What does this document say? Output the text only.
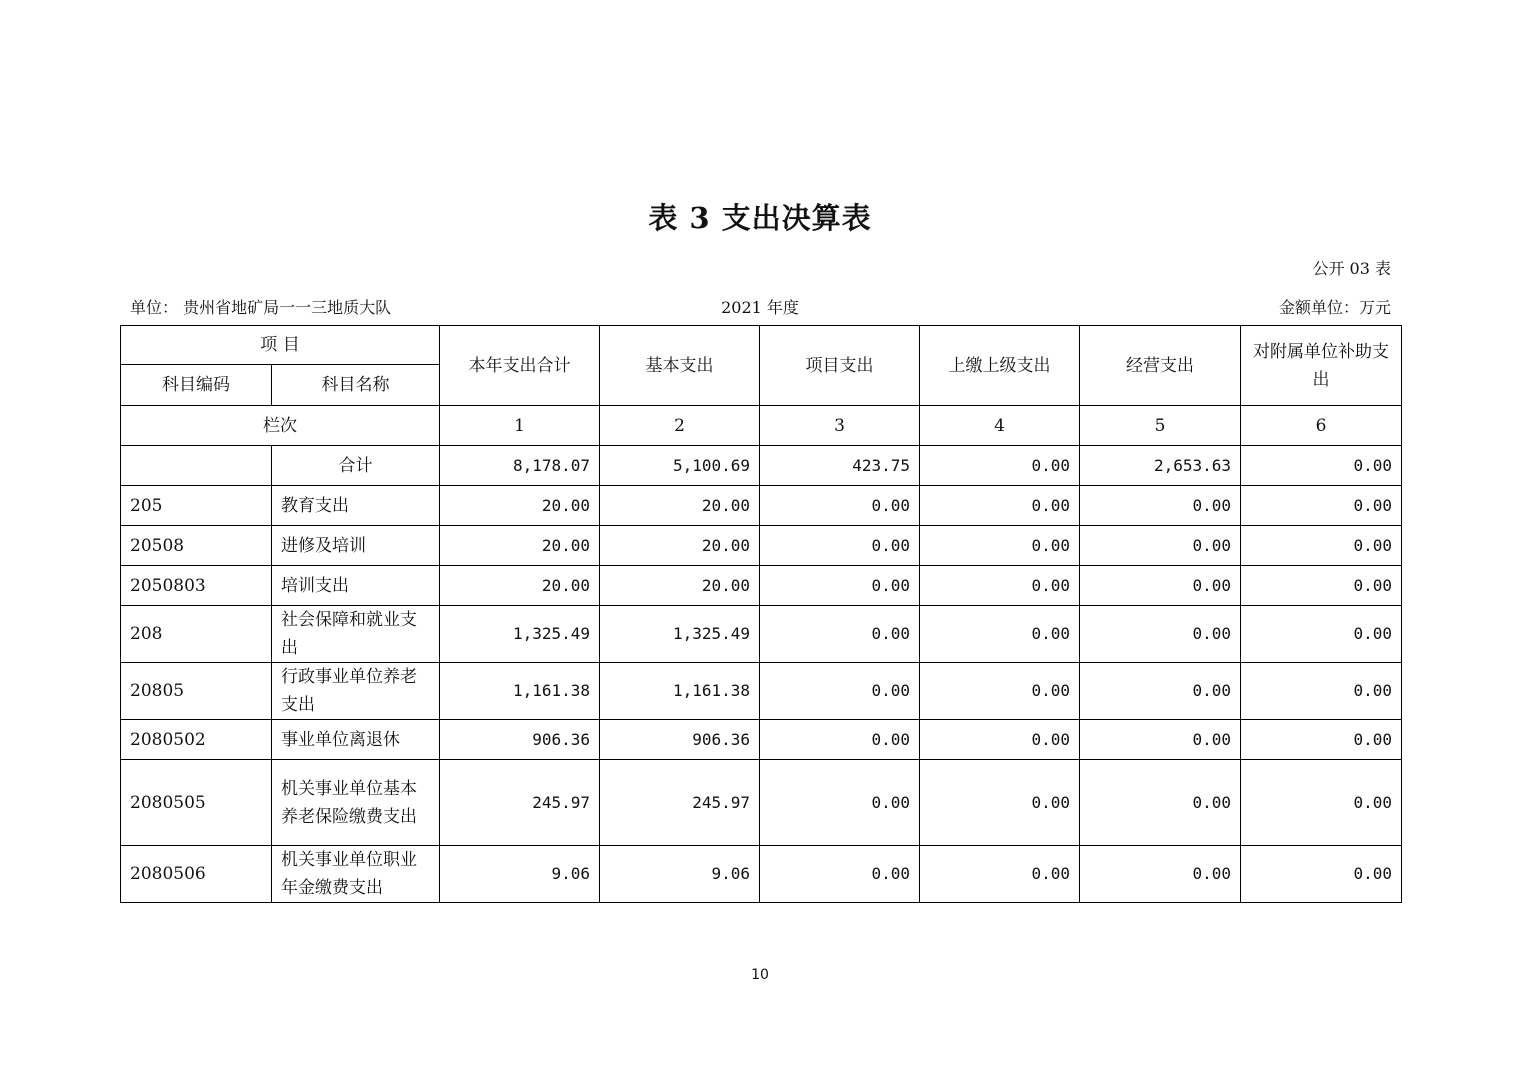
表 3 支出决算表
公开 03 表
单位： 贵州省地矿局一一三地质大队	2021 年度	金额单位：万元
项 目		本年支出合计	基本支出	项目支出	上缴上级支出	经营支出	对附属单位补助支出
科目编码	科目名称						
栏次		1	2	3	4	5	6
	合计	8,178.07	5,100.69	423.75	0.00	2,653.63	0.00
205	教育支出	20.00	20.00	0.00	0.00	0.00	0.00
20508	进修及培训	20.00	20.00	0.00	0.00	0.00	0.00
2050803	培训支出	20.00	20.00	0.00	0.00	0.00	0.00
208	社会保障和就业支出	1,325.49	1,325.49	0.00	0.00	0.00	0.00
20805	行政事业单位养老支出	1,161.38	1,161.38	0.00	0.00	0.00	0.00
2080502	事业单位离退休	906.36	906.36	0.00	0.00	0.00	0.00
2080505	机关事业单位基本养老保险缴费支出	245.97	245.97	0.00	0.00	0.00	0.00
2080506	机关事业单位职业年金缴费支出	9.06	9.06	0.00	0.00	0.00	0.00
10
